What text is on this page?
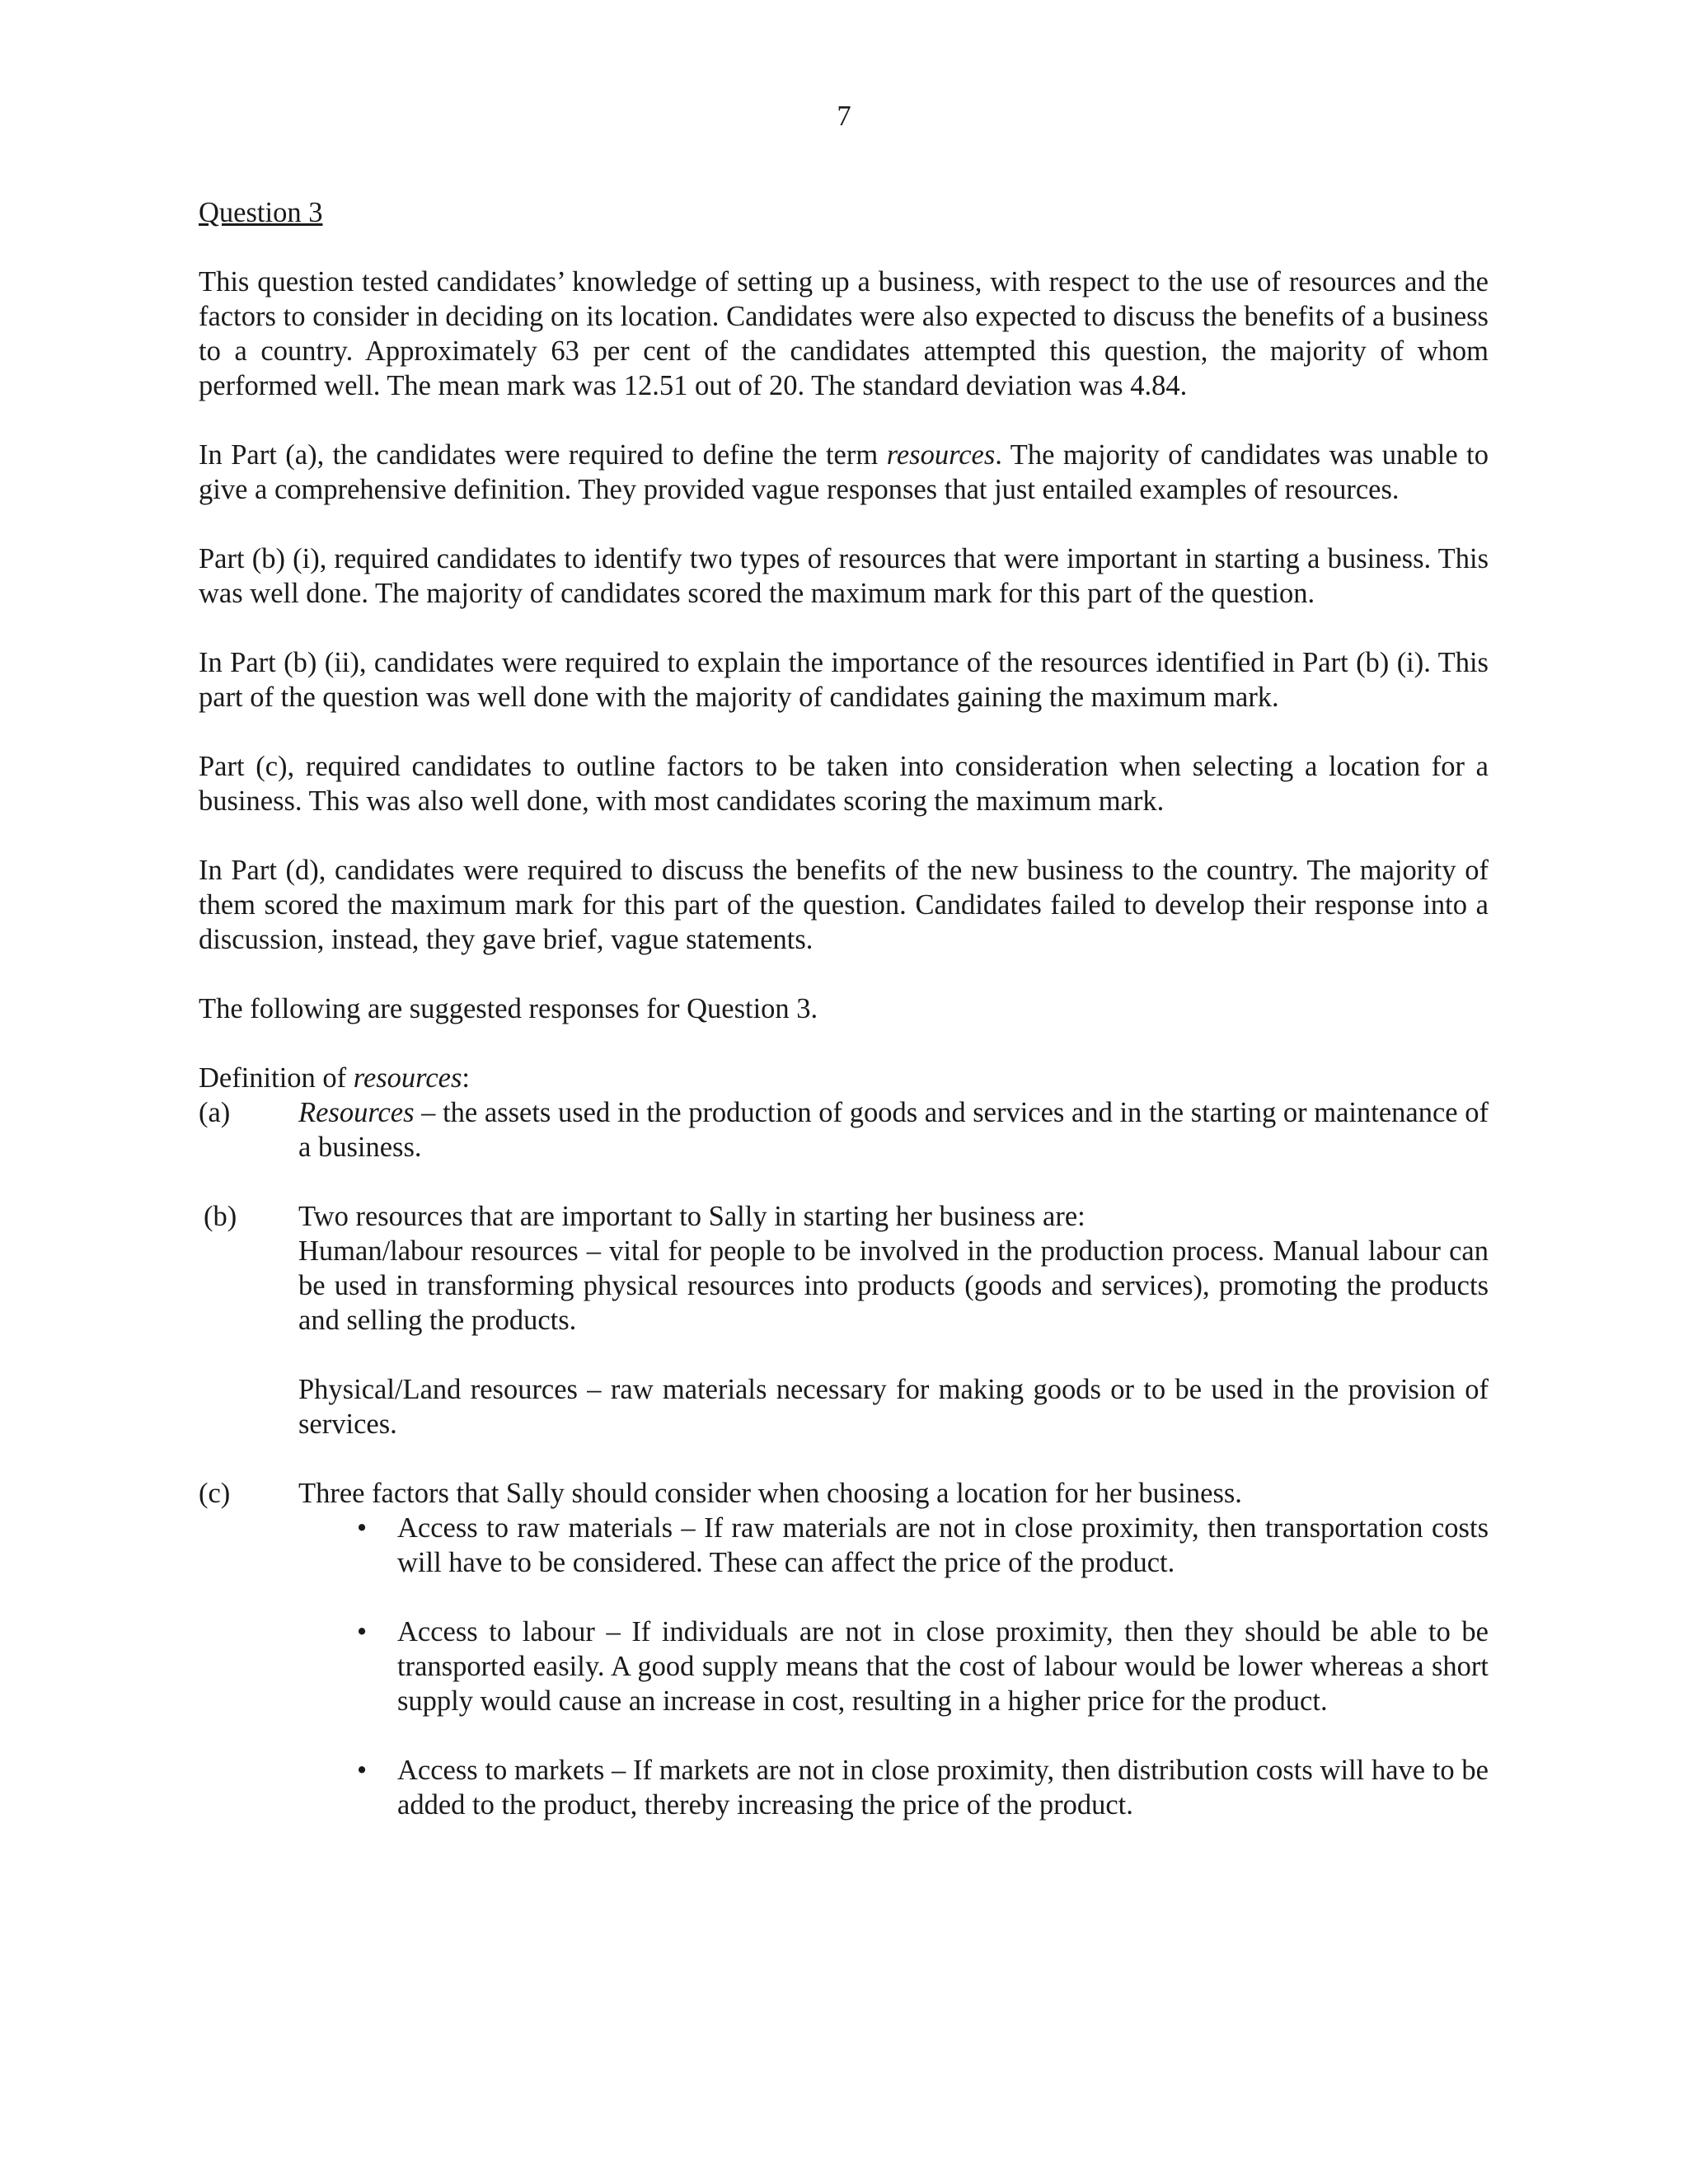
7

Question 3

This question tested candidates’ knowledge of setting up a business, with respect to the use of resources and the factors to consider in deciding on its location. Candidates were also expected to discuss the benefits of a business to a country. Approximately 63 per cent of the candidates attempted this question, the majority of whom performed well. The mean mark was 12.51 out of 20. The standard deviation was 4.84.

In Part (a), the candidates were required to define the term resources. The majority of candidates was unable to give a comprehensive definition. They provided vague responses that just entailed examples of resources.

Part (b) (i), required candidates to identify two types of resources that were important in starting a business. This was well done. The majority of candidates scored the maximum mark for this part of the question.

In Part (b) (ii), candidates were required to explain the importance of the resources identified in Part (b) (i). This part of the question was well done with the majority of candidates gaining the maximum mark.

Part (c), required candidates to outline factors to be taken into consideration when selecting a location for a business. This was also well done, with most candidates scoring the maximum mark.

In Part (d), candidates were required to discuss the benefits of the new business to the country. The majority of them scored the maximum mark for this part of the question. Candidates failed to develop their response into a discussion, instead, they gave brief, vague statements.

The following are suggested responses for Question 3.

Definition of resources:

(a) Resources – the assets used in the production of goods and services and in the starting or maintenance of a business.

(b) Two resources that are important to Sally in starting her business are:

Human/labour resources – vital for people to be involved in the production process. Manual labour can be used in transforming physical resources into products (goods and services), promoting the products and selling the products.

Physical/Land resources – raw materials necessary for making goods or to be used in the provision of services.

(c) Three factors that Sally should consider when choosing a location for her business.

• Access to raw materials – If raw materials are not in close proximity, then transportation costs will have to be considered. These can affect the price of the product.

• Access to labour – If individuals are not in close proximity, then they should be able to be transported easily. A good supply means that the cost of labour would be lower whereas a short supply would cause an increase in cost, resulting in a higher price for the product.

• Access to markets – If markets are not in close proximity, then distribution costs will have to be added to the product, thereby increasing the price of the product.
